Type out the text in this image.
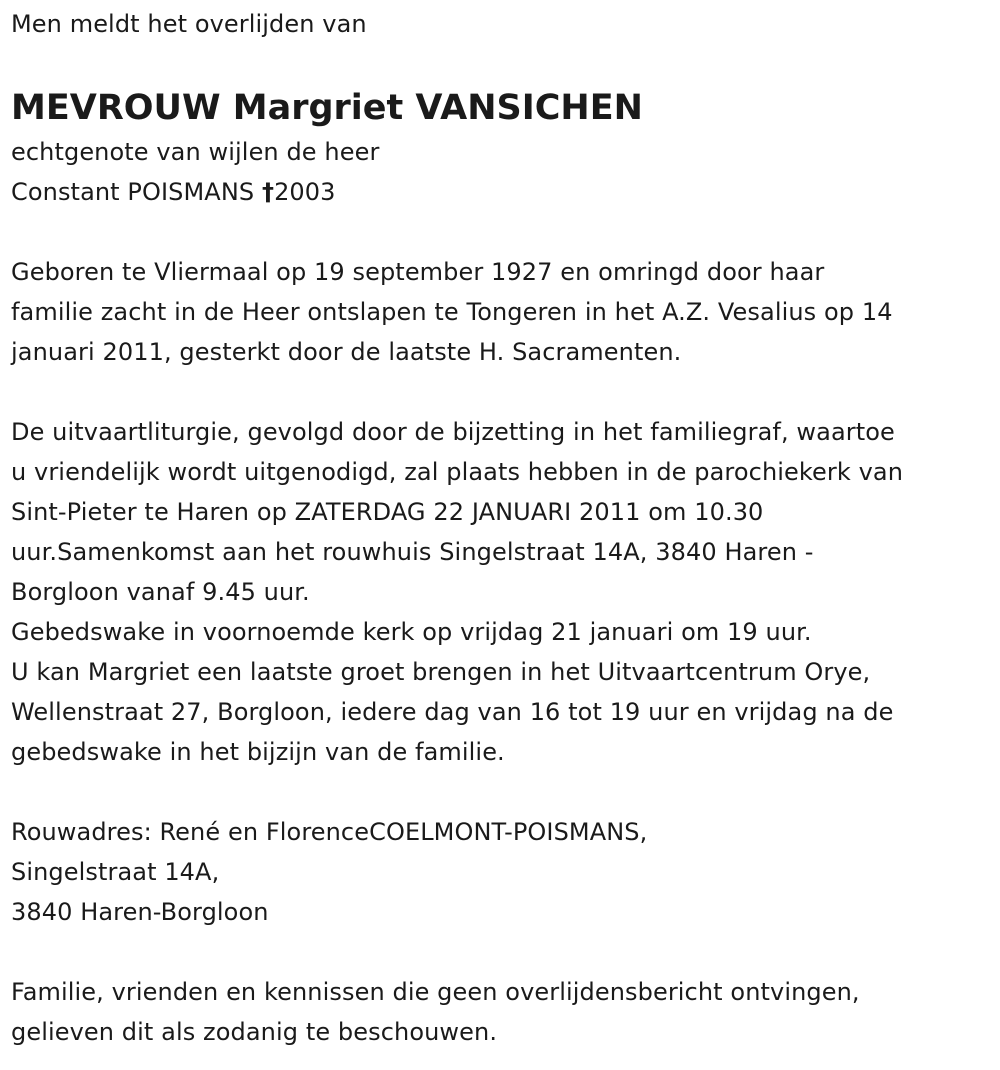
Men meldt het overlijden van
MEVROUW Margriet VANSICHEN
echtgenote van wijlen de heer
Constant POISMANS †2003
Geboren te Vliermaal op 19 september 1927 en omringd door haar
familie zacht in de Heer ontslapen te Tongeren in het A.Z. Vesalius op 14
januari 2011, gesterkt door de laatste H. Sacramenten.
De uitvaartliturgie, gevolgd door de bijzetting in het familiegraf, waartoe
u vriendelijk wordt uitgenodigd, zal plaats hebben in de parochiekerk van
Sint-Pieter te Haren op ZATERDAG 22 JANUARI 2011 om 10.30
uur.Samenkomst aan het rouwhuis Singelstraat 14A, 3840 Haren -
Borgloon vanaf 9.45 uur.
Gebedswake in voornoemde kerk op vrijdag 21 januari om 19 uur.
U kan Margriet een laatste groet brengen in het Uitvaartcentrum Orye,
Wellenstraat 27, Borgloon, iedere dag van 16 tot 19 uur en vrijdag na de
gebedswake in het bijzijn van de familie.
Rouwadres: René en FlorenceCOELMONT-POISMANS,
Singelstraat 14A,
3840 Haren-Borgloon
Familie, vrienden en kennissen die geen overlijdensbericht ontvingen,
gelieven dit als zodanig te beschouwen.
